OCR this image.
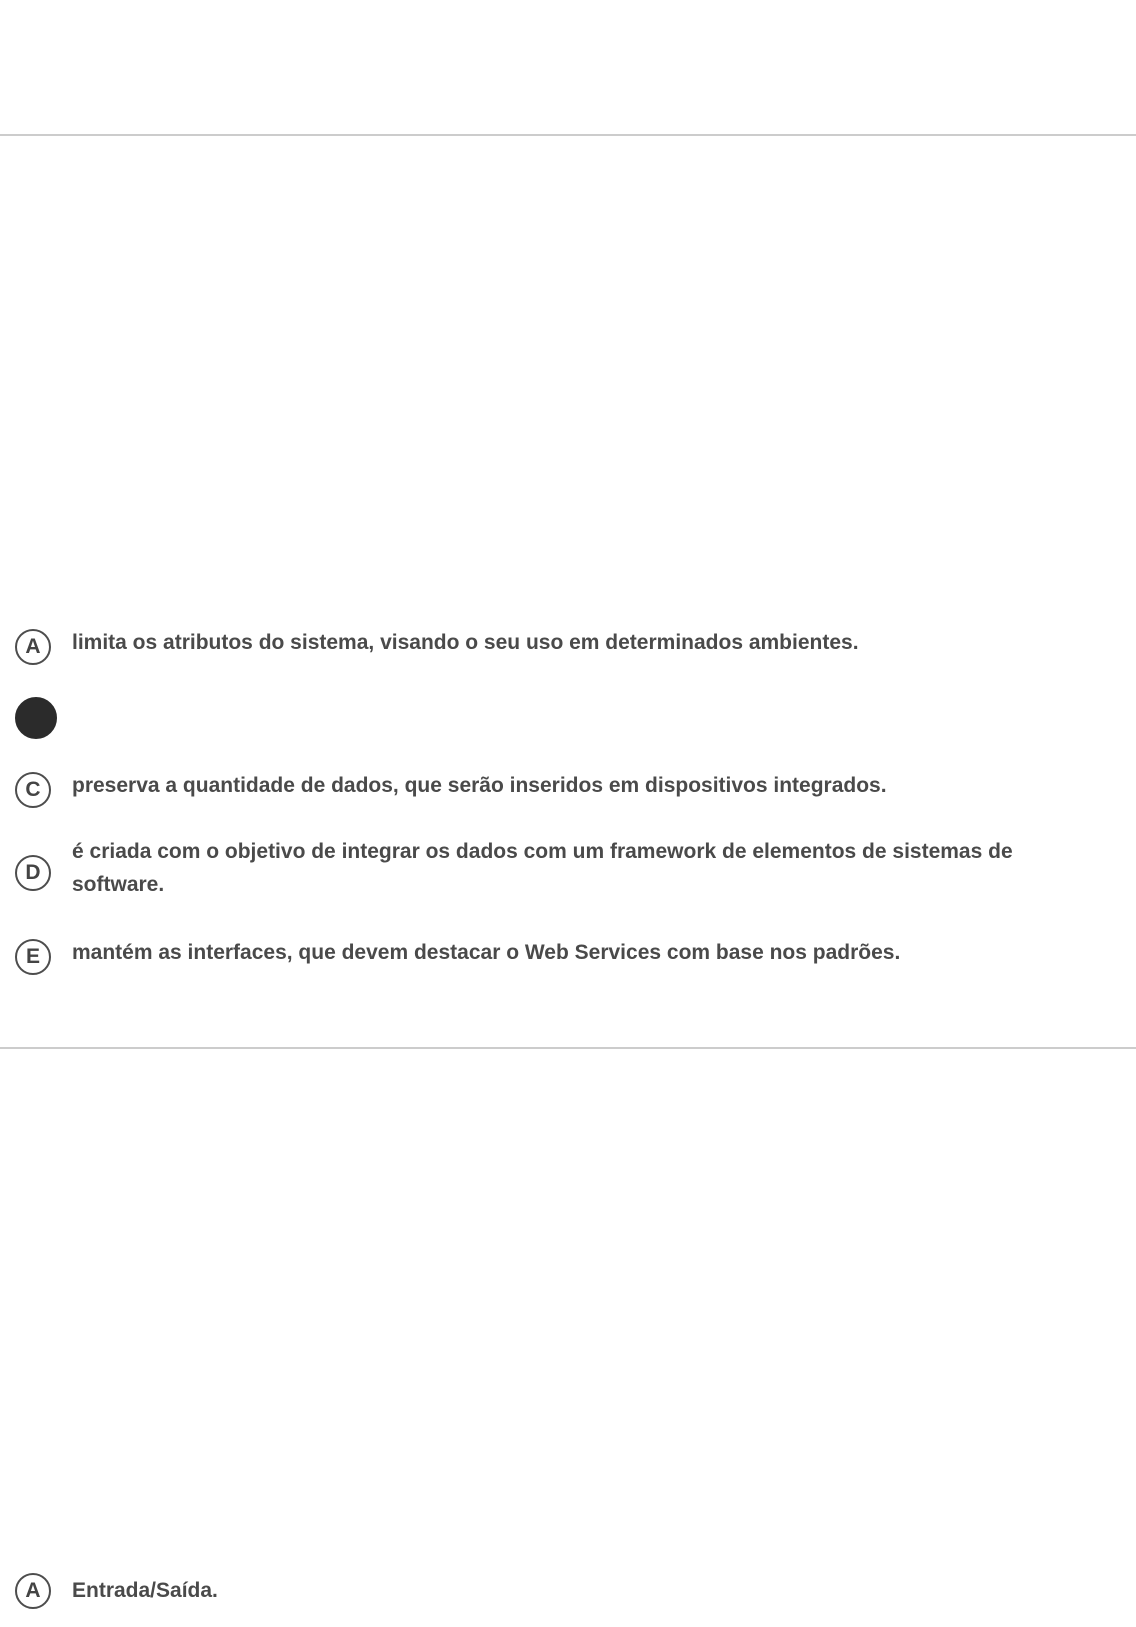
A	limita os atributos do sistema, visando o seu uso em determinados ambientes.
C	preserva a quantidade de dados, que serão inseridos em dispositivos integrados.
D
é criada com o objetivo de integrar os dados com um framework de elementos de sistemas de software.
E	mantém as interfaces, que devem destacar o Web Services com base nos padrões.
A	Entrada/Saída.
